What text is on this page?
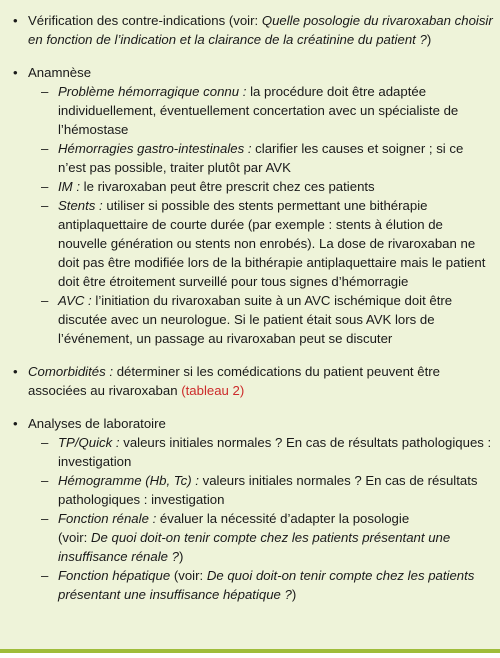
• Vérification des contre-indications (voir: Quelle posologie du rivaroxaban choisir en fonction de l’indication et la clairance de la créatinine du patient ?)
• Anamnèse
– Problème hémorragique connu : la procédure doit être adaptée individuellement, éventuellement concertation avec un spécialiste de l’hémostase
– Hémorragies gastro-intestinales : clarifier les causes et soigner ; si ce n’est pas possible, traiter plutôt par AVK
– IM : le rivaroxaban peut être prescrit chez ces patients
– Stents : utiliser si possible des stents permettant une bithérapie antiplaquettaire de courte durée (par exemple : stents à élution de nouvelle génération ou stents non enrobés). La dose de rivaroxaban ne doit pas être modifiée lors de la bithérapie antiplaquettaire mais le patient doit être étroitement surveillé pour tous signes d’hémorragie
– AVC : l’initiation du rivaroxaban suite à un AVC ischémique doit être discutée avec un neurologue. Si le patient était sous AVK lors de l’événement, un passage au rivaroxaban peut se discuter
• Comorbidités : déterminer si les comédications du patient peuvent être associées au rivaroxaban (tableau 2)
• Analyses de laboratoire
– TP/Quick : valeurs initiales normales ? En cas de résultats pathologiques : investigation
– Hémogramme (Hb, Tc) : valeurs initiales normales ? En cas de résultats pathologiques : investigation
– Fonction rénale : évaluer la nécessité d’adapter la posologie
(voir: De quoi doit-on tenir compte chez les patients présentant une insuffisance rénale ?)
– Fonction hépatique (voir: De quoi doit-on tenir compte chez les patients présentant une insuffisance hépatique ?)
